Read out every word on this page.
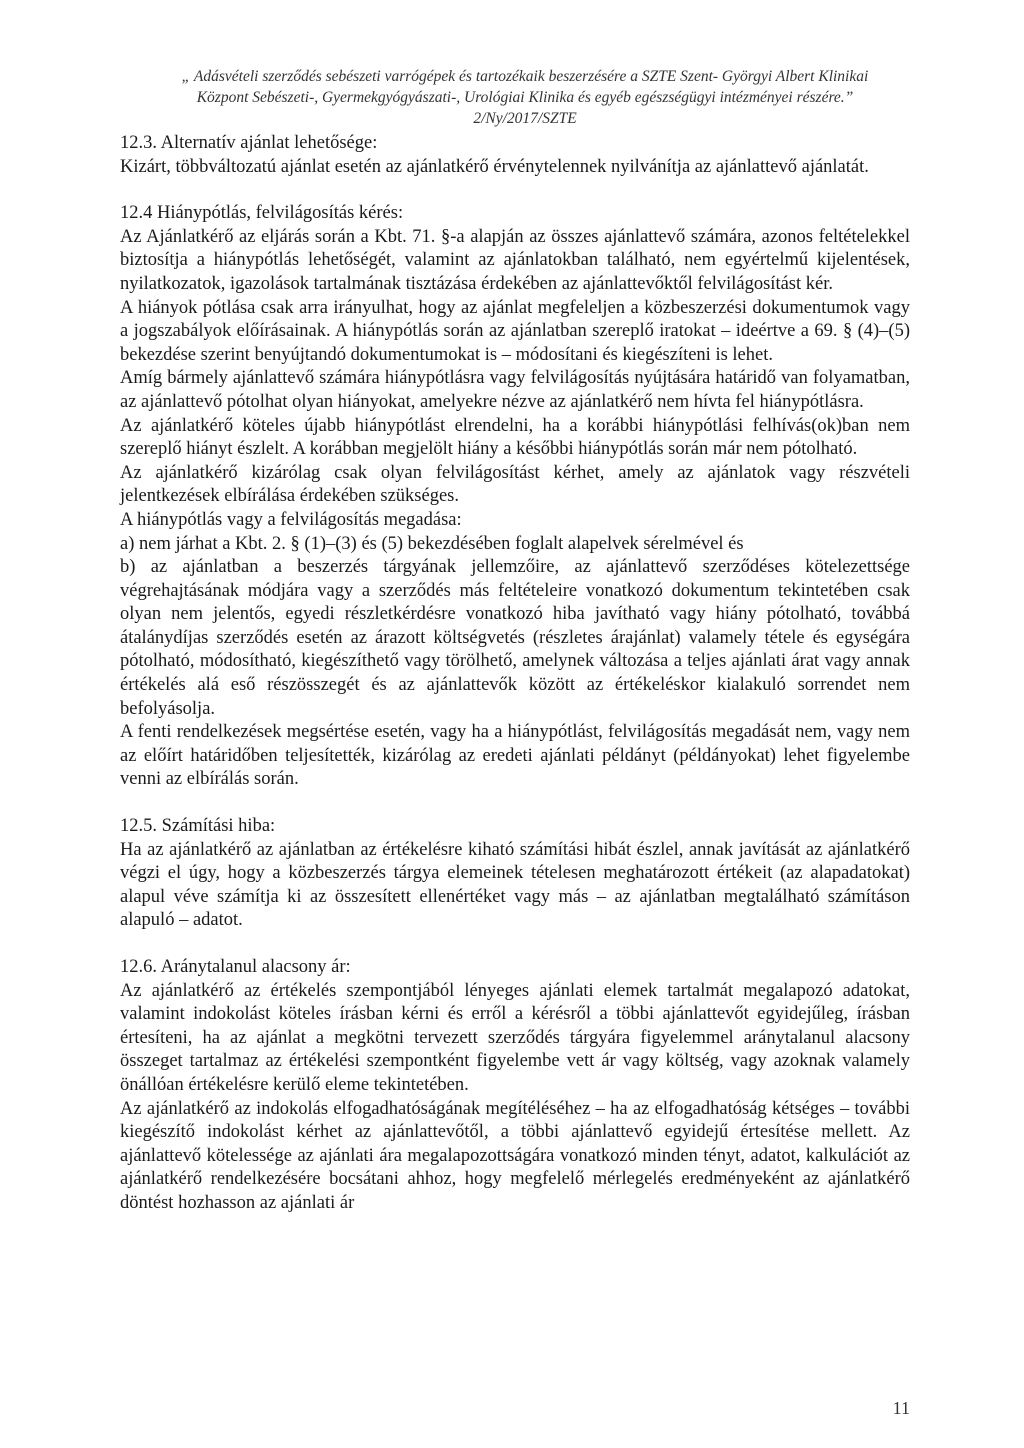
„ Adásvételi szerződés sebészeti varrógépek és tartozékaik beszerzésére a SZTE Szent- Györgyi Albert Klinikai
Központ Sebészeti-, Gyermekgyógyászati-, Urológiai Klinika és egyéb egészségügyi intézményei részére.”
2/Ny/2017/SZTE
12.3. Alternatív ajánlat lehetősége:
Kizárt, többváltozatú ajánlat esetén az ajánlatkérő érvénytelennek nyilvánítja az ajánlattevő ajánlatát.
12.4 Hiánypótlás, felvilágosítás kérés:
Az Ajánlatkérő az eljárás során a Kbt. 71. §-a alapján az összes ajánlattevő számára, azonos feltételekkel biztosítja a hiánypótlás lehetőségét, valamint az ajánlatokban található, nem egyértelmű kijelentések, nyilatkozatok, igazolások tartalmának tisztázása érdekében az ajánlattevőktől felvilágosítást kér.
A hiányok pótlása csak arra irányulhat, hogy az ajánlat megfeleljen a közbeszerzési dokumentumok vagy a jogszabályok előírásainak. A hiánypótlás során az ajánlatban szereplő iratokat – ideértve a 69. § (4)–(5) bekezdése szerint benyújtandó dokumentumokat is – módosítani és kiegészíteni is lehet.
Amíg bármely ajánlattevő számára hiánypótlásra vagy felvilágosítás nyújtására határidő van folyamatban, az ajánlattevő pótolhat olyan hiányokat, amelyekre nézve az ajánlatkérő nem hívta fel hiánypótlásra.
Az ajánlatkérő köteles újabb hiánypótlást elrendelni, ha a korábbi hiánypótlási felhívás(ok)ban nem szereplő hiányt észlelt. A korábban megjelölt hiány a későbbi hiánypótlás során már nem pótolható.
Az ajánlatkérő kizárólag csak olyan felvilágosítást kérhet, amely az ajánlatok vagy részvételi jelentkezések elbírálása érdekében szükséges.
A hiánypótlás vagy a felvilágosítás megadása:
a) nem járhat a Kbt. 2. § (1)–(3) és (5) bekezdésében foglalt alapelvek sérelmével és
b) az ajánlatban a beszerzés tárgyának jellemzőire, az ajánlattevő szerződéses kötelezettsége végrehajtásának módjára vagy a szerződés más feltételeire vonatkozó dokumentum tekintetében csak olyan nem jelentős, egyedi részletkérdésre vonatkozó hiba javítható vagy hiány pótolható, továbbá átalánydíjas szerződés esetén az árazott költségvetés (részletes árajánlat) valamely tétele és egységára pótolható, módosítható, kiegészíthető vagy törölhető, amelynek változása a teljes ajánlati árat vagy annak értékelés alá eső részösszegét és az ajánlattevők között az értékeléskor kialakuló sorrendet nem befolyásolja.
A fenti rendelkezések megsértése esetén, vagy ha a hiánypótlást, felvilágosítás megadását nem, vagy nem az előírt határidőben teljesítették, kizárólag az eredeti ajánlati példányt (példányokat) lehet figyelembe venni az elbírálás során.
12.5. Számítási hiba:
Ha az ajánlatkérő az ajánlatban az értékelésre kiható számítási hibát észlel, annak javítását az ajánlatkérő végzi el úgy, hogy a közbeszerzés tárgya elemeinek tételesen meghatározott értékeit (az alapadatokat) alapul véve számítja ki az összesített ellenértéket vagy más – az ajánlatban megtalálható számításon alapuló – adatot.
12.6. Aránytalanul alacsony ár:
Az ajánlatkérő az értékelés szempontjából lényeges ajánlati elemek tartalmát megalapozó adatokat, valamint indokolást köteles írásban kérni és erről a kérésről a többi ajánlattevőt egyidejűleg, írásban értesíteni, ha az ajánlat a megkötni tervezett szerződés tárgyára figyelemmel aránytalanul alacsony összeget tartalmaz az értékelési szempontként figyelembe vett ár vagy költség, vagy azoknak valamely önállóan értékelésre kerülő eleme tekintetében.
Az ajánlatkérő az indokolás elfogadhatóságának megítéléséhez – ha az elfogadhatóság kétséges – további kiegészítő indokolást kérhet az ajánlattevőtől, a többi ajánlattevő egyidejű értesítése mellett. Az ajánlattevő kötelessége az ajánlati ára megalapozottságára vonatkozó minden tényt, adatot, kalkulációt az ajánlatkérő rendelkezésére bocsátani ahhoz, hogy megfelelő mérlegelés eredményeként az ajánlatkérő döntést hozhasson az ajánlati ár
11
